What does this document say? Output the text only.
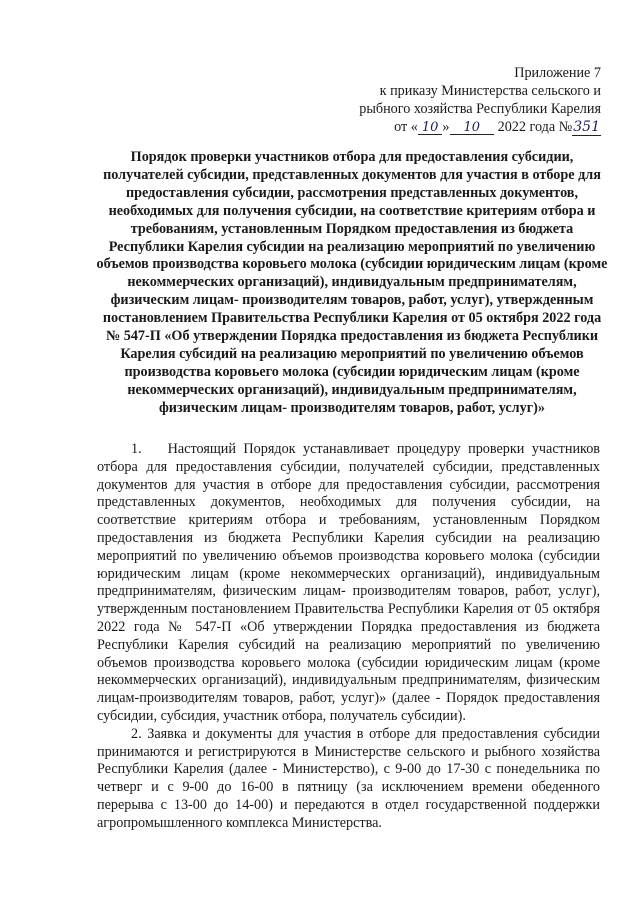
Приложение 7
к приказу Министерства сельского и
рыбного хозяйства Республики Карелия
от « 10 » 10 2022 года №351
Порядок проверки участников отбора для предоставления субсидии, получателей субсидии, представленных документов для участия в отборе для предоставления субсидии, рассмотрения представленных документов, необходимых для получения субсидии, на соответствие критериям отбора и требованиям, установленным Порядком предоставления из бюджета Республики Карелия субсидии на реализацию мероприятий по увеличению объемов производства коровьего молока (субсидии юридическим лицам (кроме некоммерческих организаций), индивидуальным предпринимателям, физическим лицам- производителям товаров, работ, услуг), утвержденным постановлением Правительства Республики Карелия от 05 октября 2022 года № 547-П «Об утверждении Порядка предоставления из бюджета Республики Карелия субсидий на реализацию мероприятий по увеличению объемов производства коровьего молока (субсидии юридическим лицам (кроме некоммерческих организаций), индивидуальным предпринимателям, физическим лицам- производителям товаров, работ, услуг)»

1. Настоящий Порядок устанавливает процедуру проверки участников отбора для предоставления субсидии, получателей субсидии, представленных документов для участия в отборе для предоставления субсидии, рассмотрения представленных документов, необходимых для получения субсидии, на соответствие критериям отбора и требованиям, установленным Порядком предоставления из бюджета Республики Карелия субсидии на реализацию мероприятий по увеличению объемов производства коровьего молока (субсидии юридическим лицам (кроме некоммерческих организаций), индивидуальным предпринимателям, физическим лицам- производителям товаров, работ, услуг), утвержденным постановлением Правительства Республики Карелия от 05 октября 2022 года № 547-П «Об утверждении Порядка предоставления из бюджета Республики Карелия субсидий на реализацию мероприятий по увеличению объемов производства коровьего молока (субсидии юридическим лицам (кроме некоммерческих организаций), индивидуальным предпринимателям, физическим лицам-производителям товаров, работ, услуг)» (далее - Порядок предоставления субсидии, субсидия, участник отбора, получатель субсидии).

2. Заявка и документы для участия в отборе для предоставления субсидии принимаются и регистрируются в Министерстве сельского и рыбного хозяйства Республики Карелия (далее - Министерство), с 9-00 до 17-30 с понедельника по четверг и с 9-00 до 16-00 в пятницу (за исключением времени обеденного перерыва с 13-00 до 14-00) и передаются в отдел государственной поддержки агропромышленного комплекса Министерства.
